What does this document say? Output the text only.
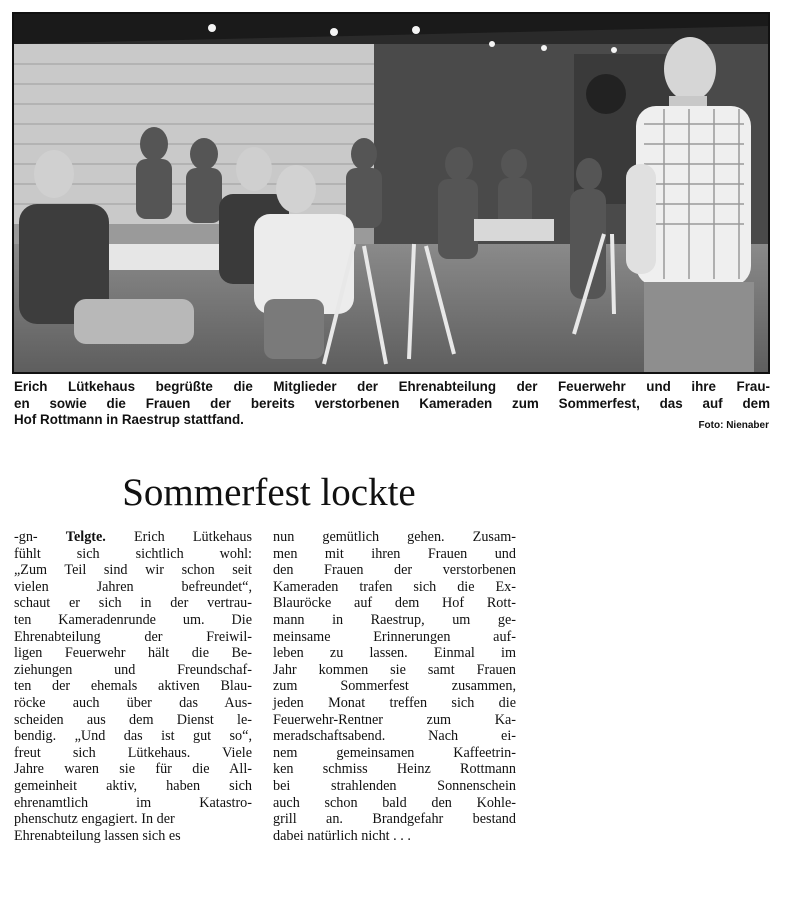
Erich Lütkehaus begrüßte die Mitglieder der Ehrenabteilung der Feuerwehr und ihre Frau-
en sowie die Frauen der bereits verstorbenen Kameraden zum Sommerfest, das auf dem
Hof Rottmann in Raestrup stattfand.	Foto: Nienaber
Sommerfest lockte
-gn- Telgte. Erich Lütkehaus
fühlt sich sichtlich wohl:
„Zum Teil sind wir schon seit
vielen Jahren befreundet“,
schaut er sich in der vertrau-
ten Kameradenrunde um. Die
Ehrenabteilung der Freiwil-
ligen Feuerwehr hält die Be-
ziehungen und Freundschaf-
ten der ehemals aktiven Blau-
röcke auch über das Aus-
scheiden aus dem Dienst le-
bendig. „Und das ist gut so“,
freut sich Lütkehaus. Viele
Jahre waren sie für die All-
gemeinheit aktiv, haben sich
ehrenamtlich im Katastro-
phenschutz engagiert. In der
Ehrenabteilung lassen sich es
nun gemütlich gehen. Zusam-
men mit ihren Frauen und
den Frauen der verstorbenen
Kameraden trafen sich die Ex-
Blauröcke auf dem Hof Rott-
mann in Raestrup, um ge-
meinsame Erinnerungen auf-
leben zu lassen. Einmal im
Jahr kommen sie samt Frauen
zum Sommerfest zusammen,
jeden Monat treffen sich die
Feuerwehr-Rentner zum Ka-
meradschaftsabend. Nach ei-
nem gemeinsamen Kaffeetrin-
ken schmiss Heinz Rottmann
bei strahlenden Sonnenschein
auch schon bald den Kohle-
grill an. Brandgefahr bestand
dabei natürlich nicht . . .
